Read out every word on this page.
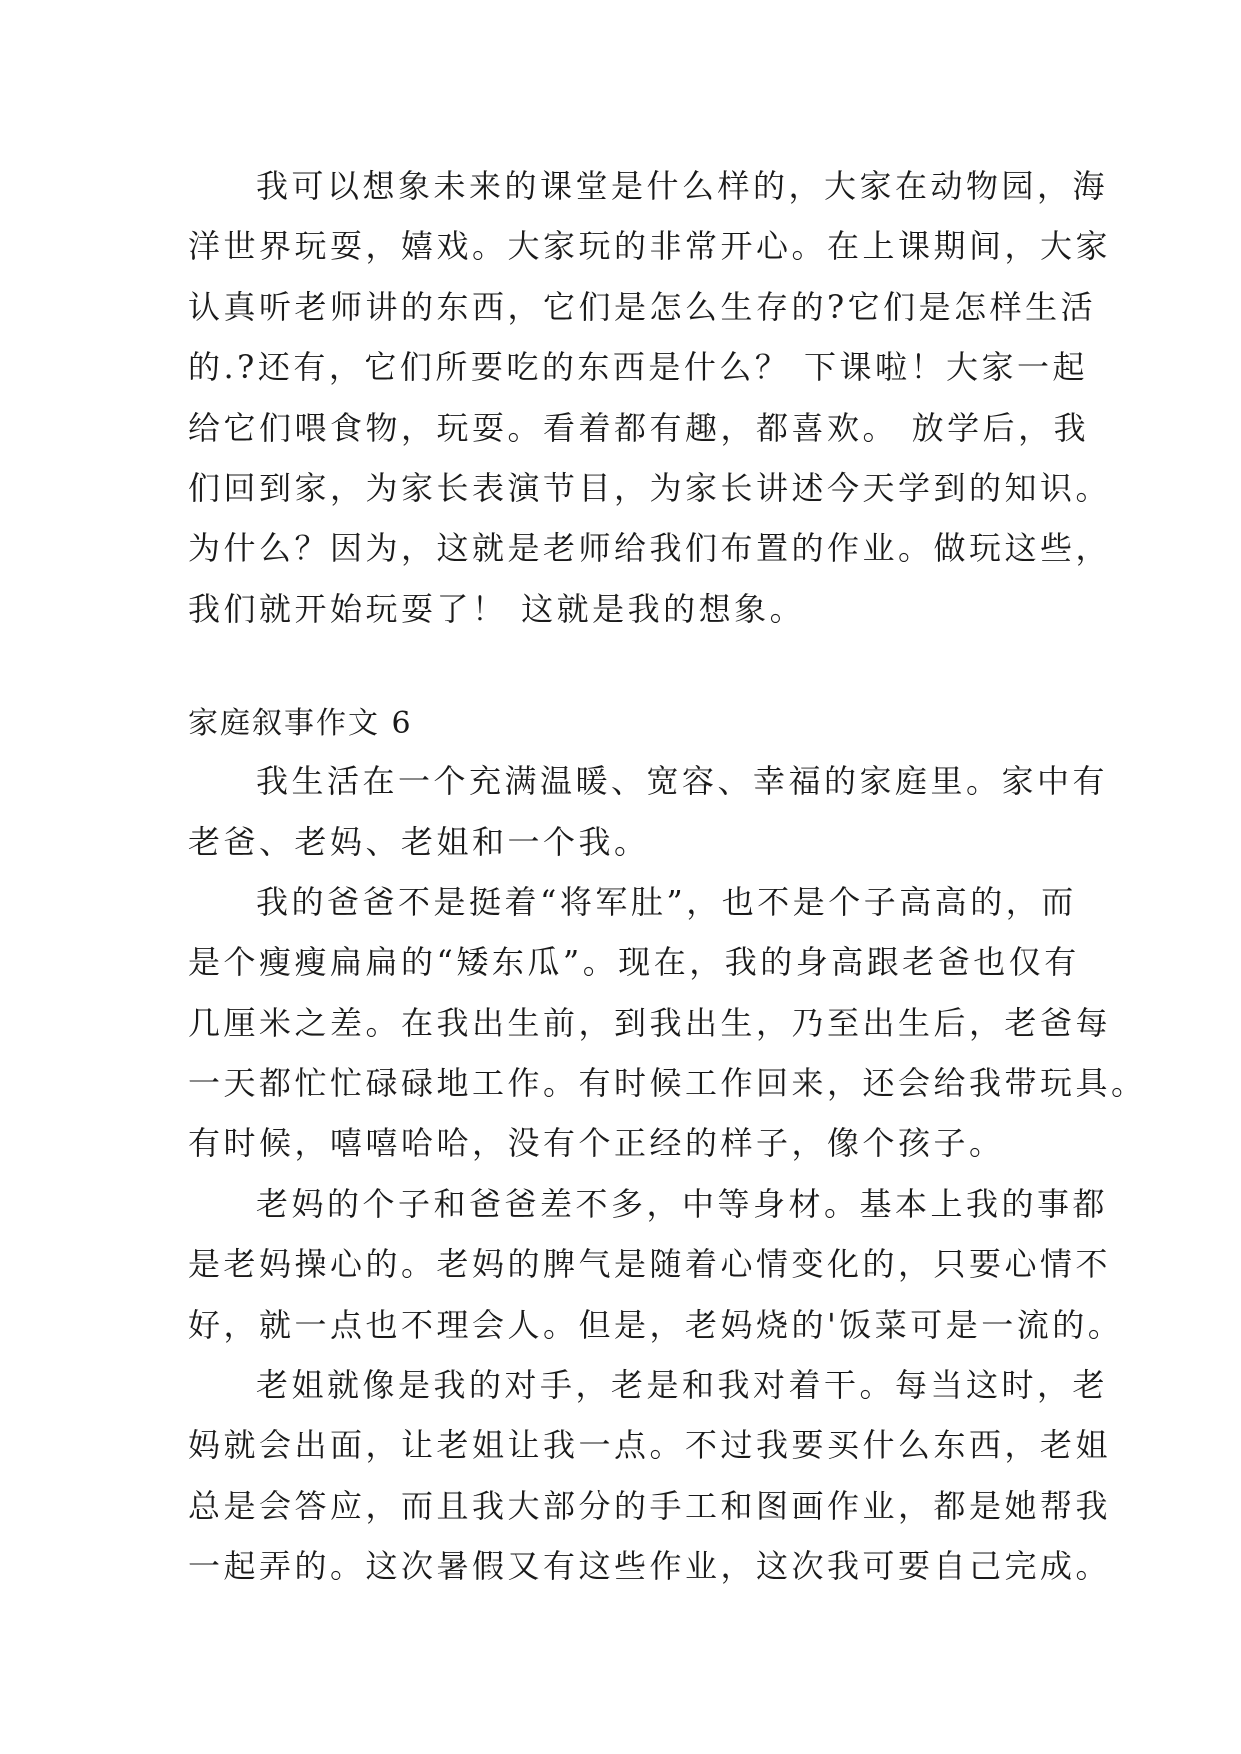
我可以想象未来的课堂是什么样的，大家在动物园，海
洋世界玩耍，嬉戏。大家玩的非常开心。在上课期间，大家
认真听老师讲的东西，它们是怎么生存的?它们是怎样生活
的.?还有，它们所要吃的东西是什么？ 下课啦！大家一起
给它们喂食物，玩耍。看着都有趣，都喜欢。 放学后，我
们回到家，为家长表演节目，为家长讲述今天学到的知识。
为什么？因为，这就是老师给我们布置的作业。做玩这些，
我们就开始玩耍了！ 这就是我的想象。
家庭叙事作文 6
我生活在一个充满温暖、宽容、幸福的家庭里。家中有
老爸、老妈、老姐和一个我。
我的爸爸不是挺着“将军肚”，也不是个子高高的，而
是个瘦瘦扁扁的“矮东瓜”。现在，我的身高跟老爸也仅有
几厘米之差。在我出生前，到我出生，乃至出生后，老爸每
一天都忙忙碌碌地工作。有时候工作回来，还会给我带玩具。
有时候，嘻嘻哈哈，没有个正经的样子，像个孩子。
老妈的个子和爸爸差不多，中等身材。基本上我的事都
是老妈操心的。老妈的脾气是随着心情变化的，只要心情不
好，就一点也不理会人。但是，老妈烧的'饭菜可是一流的。
老姐就像是我的对手，老是和我对着干。每当这时，老
妈就会出面，让老姐让我一点。不过我要买什么东西，老姐
总是会答应，而且我大部分的手工和图画作业，都是她帮我
一起弄的。这次暑假又有这些作业，这次我可要自己完成。
